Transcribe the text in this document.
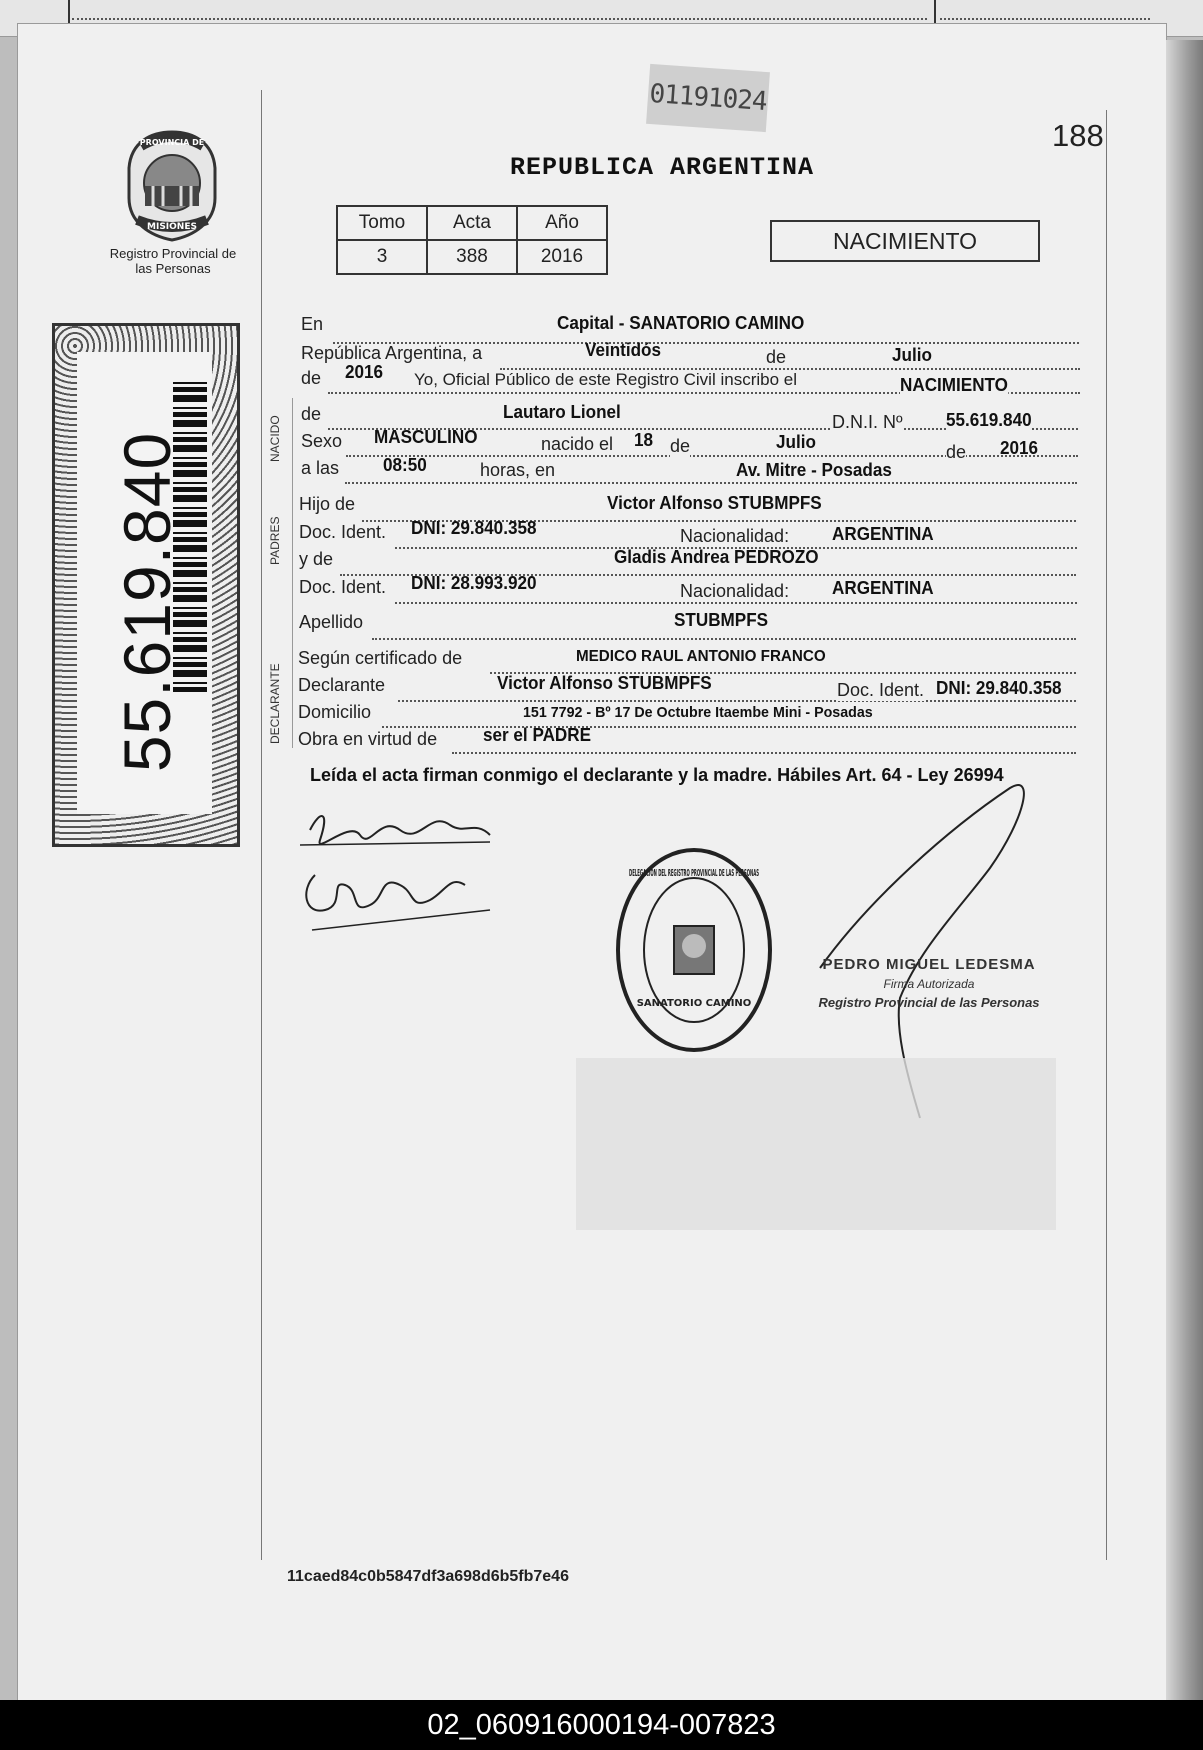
01191024
188
REPUBLICA ARGENTINA
PROVINCIA DE
MISIONES
Registro Provincial de las Personas
Tomo	Acta	Año
3	388	2016
NACIMIENTO
55.619.840	NACIDO
PADRES
DECLARANTE
En	Capital - SANATORIO CAMINO
República Argentina, a	Veintidós	de	Julio
de 2016 Yo, Oficial Público de este Registro Civil inscribo el	NACIMIENTO
de	Lautaro Lionel	D.N.I. Nº 55.619.840
Sexo MASCULINO	nacido el 18 de	Julio	de 2016
a las 08:50	horas, en	Av. Mitre - Posadas
Hijo de	Victor Alfonso STUBMPFS
Doc. Ident. DNI: 29.840.358	Nacionalidad: ARGENTINA
y de	Gladis Andrea PEDROZO
Doc. Ident. DNI: 28.993.920	Nacionalidad: ARGENTINA
Apellido	STUBMPFS
Según certificado de	MEDICO RAUL ANTONIO FRANCO
Declarante	Victor Alfonso STUBMPFS	Doc. Ident. DNI: 29.840.358
Domicilio	151 7792 - Bº 17 De Octubre Itaembe Mini - Posadas
Obra en virtud de	ser el PADRE
Leída el acta firman conmigo el declarante y la madre. Hábiles Art. 64 - Ley 26994
DELEGACION DEL REGISTRO PROVINCIAL DE LAS PERSONAS
SANATORIO CAMINO
PEDRO MIGUEL LEDESMA
Firma Autorizada
Registro Provincial de las Personas
11caed84c0b5847df3a698d6b5fb7e46
02_060916000194-007823
